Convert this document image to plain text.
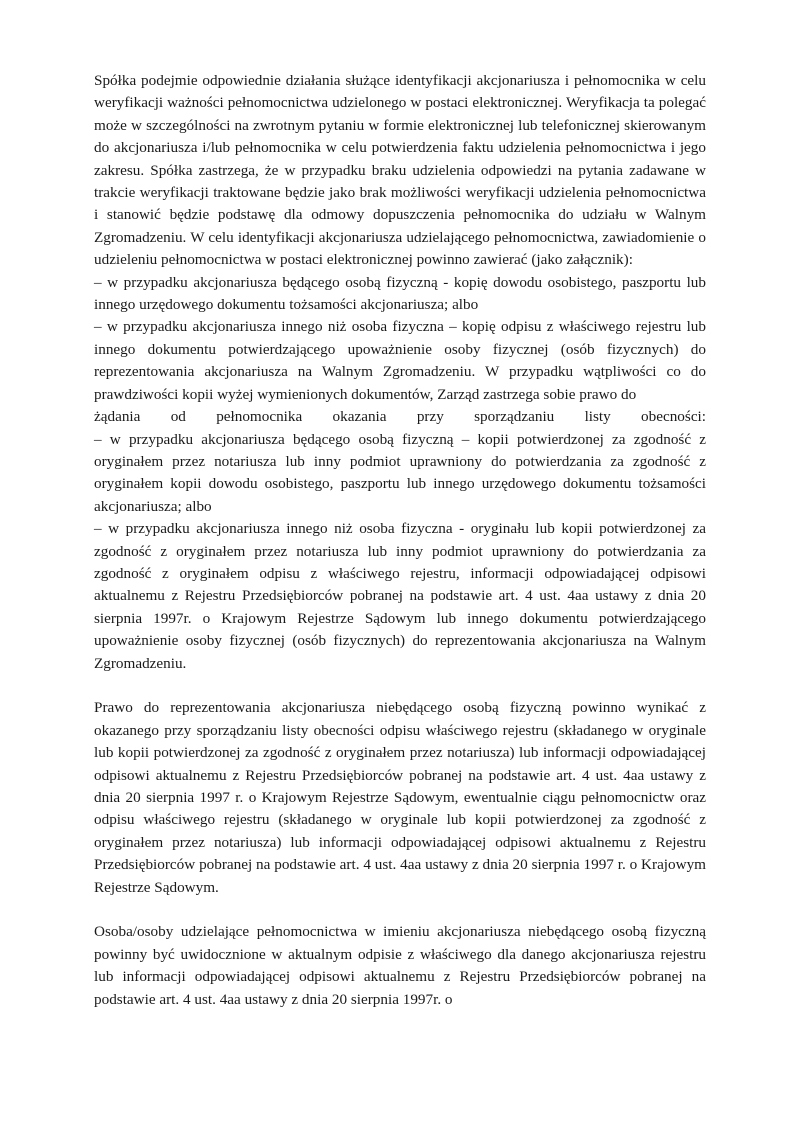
Spółka podejmie odpowiednie działania służące identyfikacji akcjonariusza i pełnomocnika w celu weryfikacji ważności pełnomocnictwa udzielonego w postaci elektronicznej. Weryfikacja ta polegać może w szczególności na zwrotnym pytaniu w formie elektronicznej lub telefonicznej skierowanym do akcjonariusza i/lub pełnomocnika w celu potwierdzenia faktu udzielenia pełnomocnictwa i jego zakresu. Spółka zastrzega, że w przypadku braku udzielenia odpowiedzi na pytania zadawane w trakcie weryfikacji traktowane będzie jako brak możliwości weryfikacji udzielenia pełnomocnictwa i stanowić będzie podstawę dla odmowy dopuszczenia pełnomocnika do udziału w Walnym Zgromadzeniu. W celu identyfikacji akcjonariusza udzielającego pełnomocnictwa, zawiadomienie o udzieleniu pełnomocnictwa w postaci elektronicznej powinno zawierać (jako załącznik):
– w przypadku akcjonariusza będącego osobą fizyczną - kopię dowodu osobistego, paszportu lub innego urzędowego dokumentu tożsamości akcjonariusza; albo
– w przypadku akcjonariusza innego niż osoba fizyczna – kopię odpisu z właściwego rejestru lub innego dokumentu potwierdzającego upoważnienie osoby fizycznej (osób fizycznych) do reprezentowania akcjonariusza na Walnym Zgromadzeniu. W przypadku wątpliwości co do prawdziwości kopii wyżej wymienionych dokumentów, Zarząd zastrzega sobie prawo do
żądania od pełnomocnika okazania przy sporządzaniu listy obecności:
– w przypadku akcjonariusza będącego osobą fizyczną – kopii potwierdzonej za zgodność z oryginałem przez notariusza lub inny podmiot uprawniony do potwierdzania za zgodność z oryginałem kopii dowodu osobistego, paszportu lub innego urzędowego dokumentu tożsamości akcjonariusza; albo
– w przypadku akcjonariusza innego niż osoba fizyczna - oryginału lub kopii potwierdzonej za zgodność z oryginałem przez notariusza lub inny podmiot uprawniony do potwierdzania za zgodność z oryginałem odpisu z właściwego rejestru, informacji odpowiadającej odpisowi aktualnemu z Rejestru Przedsiębiorców pobranej na podstawie art. 4 ust. 4aa ustawy z dnia 20 sierpnia 1997r. o Krajowym Rejestrze Sądowym lub innego dokumentu potwierdzającego upoważnienie osoby fizycznej (osób fizycznych) do reprezentowania akcjonariusza na Walnym Zgromadzeniu.

Prawo do reprezentowania akcjonariusza niebędącego osobą fizyczną powinno wynikać z okazanego przy sporządzaniu listy obecności odpisu właściwego rejestru (składanego w oryginale lub kopii potwierdzonej za zgodność z oryginałem przez notariusza) lub informacji odpowiadającej odpisowi aktualnemu z Rejestru Przedsiębiorców pobranej na podstawie art. 4 ust. 4aa ustawy z dnia 20 sierpnia 1997 r. o Krajowym Rejestrze Sądowym, ewentualnie ciągu pełnomocnictw oraz odpisu właściwego rejestru (składanego w oryginale lub kopii potwierdzonej za zgodność z oryginałem przez notariusza) lub informacji odpowiadającej odpisowi aktualnemu z Rejestru Przedsiębiorców pobranej na podstawie art. 4 ust. 4aa ustawy z dnia 20 sierpnia 1997 r. o Krajowym Rejestrze Sądowym.

Osoba/osoby udzielające pełnomocnictwa w imieniu akcjonariusza niebędącego osobą fizyczną powinny być uwidocznione w aktualnym odpisie z właściwego dla danego akcjonariusza rejestru lub informacji odpowiadającej odpisowi aktualnemu z Rejestru Przedsiębiorców pobranej na podstawie art. 4 ust. 4aa ustawy z dnia 20 sierpnia 1997r. o
